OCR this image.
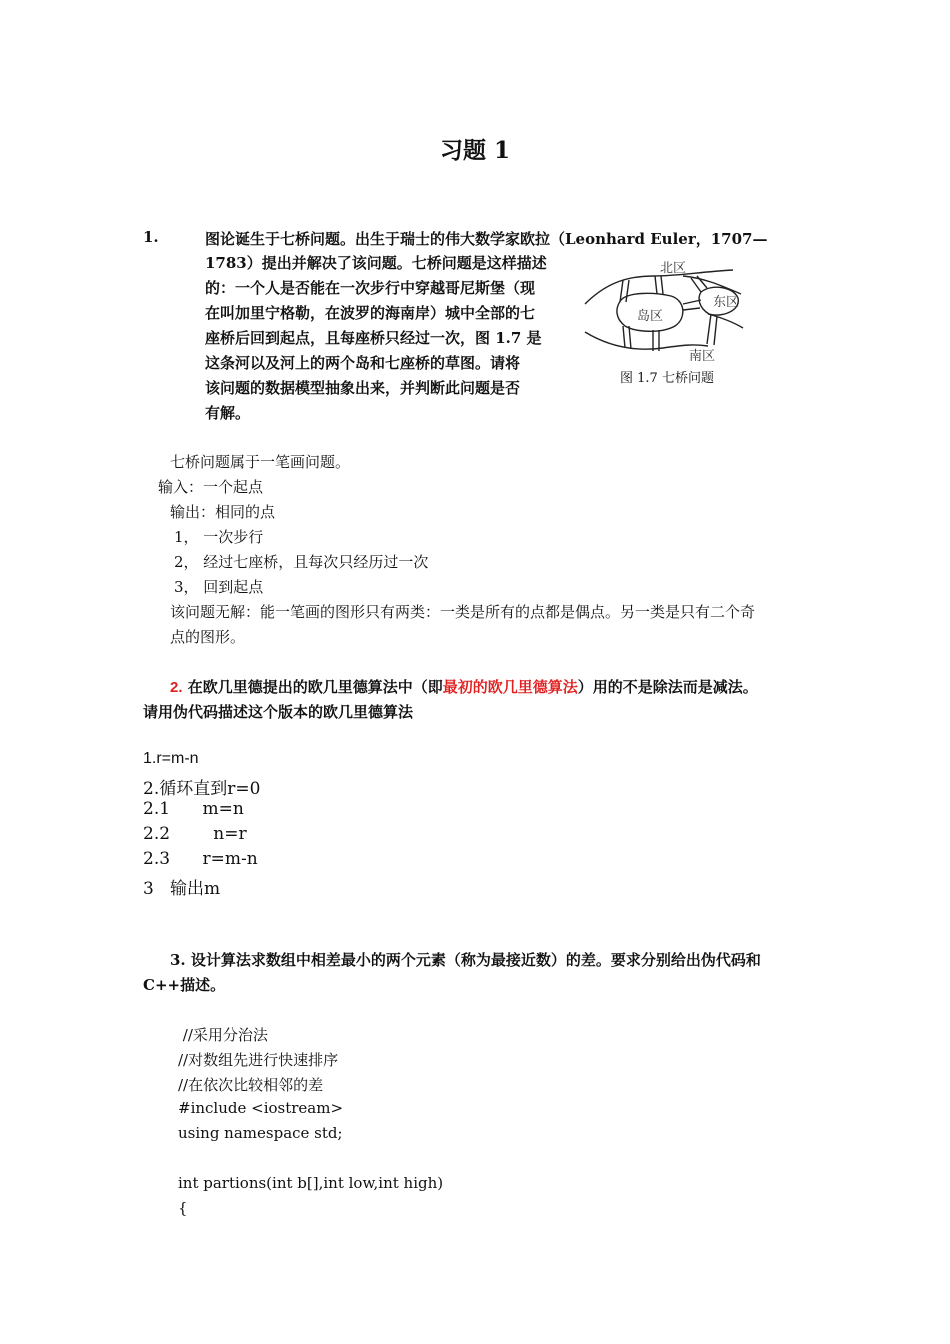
习题 1
1.	图论诞生于七桥问题。出生于瑞士的伟大数学家欧拉（Leonhard Euler，1707—
1783）提出并解决了该问题。七桥问题是这样描述
的：一个人是否能在一次步行中穿越哥尼斯堡（现
在叫加里宁格勒，在波罗的海南岸）城中全部的七
座桥后回到起点，且每座桥只经过一次，图 1.7 是
这条河以及河上的两个岛和七座桥的草图。请将
该问题的数据模型抽象出来，并判断此问题是否
有解。
北区
东区
岛区
南区
图 1.7 七桥问题
七桥问题属于一笔画问题。
输入：一个起点
输出：相同的点
1， 一次步行
2， 经过七座桥，且每次只经历过一次
3， 回到起点
该问题无解：能一笔画的图形只有两类：一类是所有的点都是偶点。另一类是只有二个奇
点的图形。
2. 在欧几里德提出的欧几里德算法中（即最初的欧几里德算法）用的不是除法而是减法。
请用伪代码描述这个版本的欧几里德算法
1.r=m-n
2.循环直到r=0
2.1      m=n
2.2        n=r
2.3      r=m-n
3   输出m
3. 设计算法求数组中相差最小的两个元素（称为最接近数）的差。要求分别给出伪代码和
C++描述。
//采用分治法
//对数组先进行快速排序
//在依次比较相邻的差
#include <iostream>
using namespace std;
int partions(int b[],int low,int high)
{
